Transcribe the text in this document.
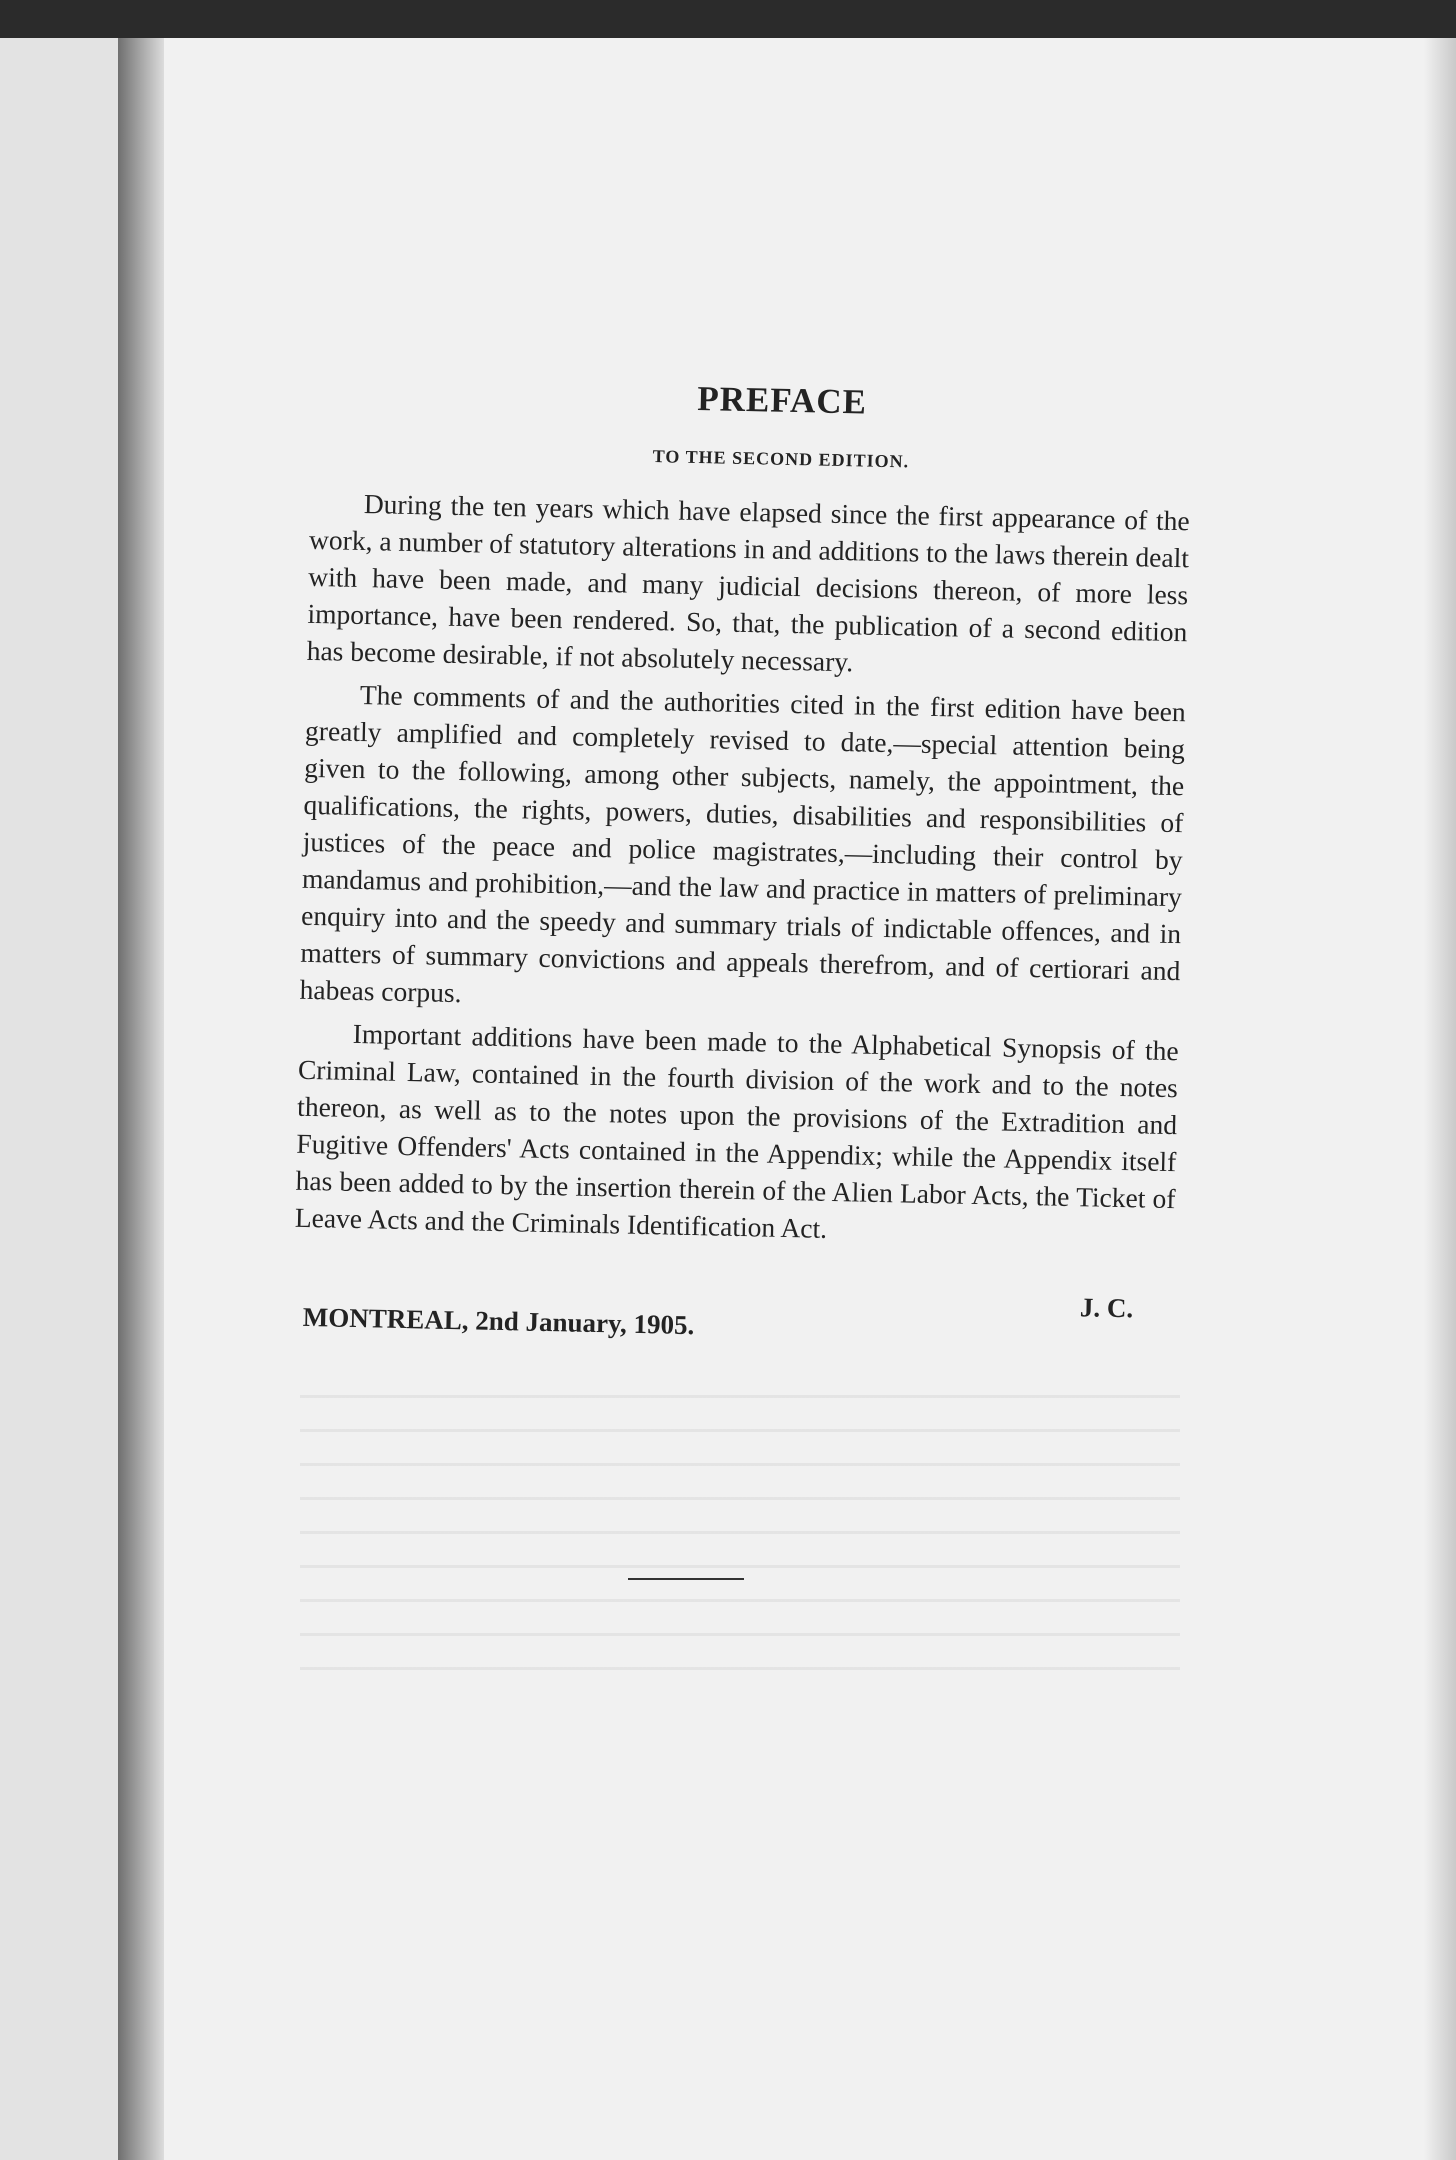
PREFACE
TO THE SECOND EDITION.

During the ten years which have elapsed since the first appearance of the work, a number of statutory alterations in and additions to the laws therein dealt with have been made, and many judicial decisions thereon, of more less importance, have been rendered. So, that, the publication of a second edition has become desirable, if not absolutely necessary.

The comments of and the authorities cited in the first edition have been greatly amplified and completely revised to date,—special attention being given to the following, among other subjects, namely, the appointment, the qualifications, the rights, powers, duties, disabilities and responsibilities of justices of the peace and police magistrates,—including their control by mandamus and prohibition,—and the law and practice in matters of preliminary enquiry into and the speedy and summary trials of indictable offences, and in matters of summary convictions and appeals therefrom, and of certiorari and habeas corpus.

Important additions have been made to the Alphabetical Synopsis of the Criminal Law, contained in the fourth division of the work and to the notes thereon, as well as to the notes upon the provisions of the Extradition and Fugitive Offenders' Acts contained in the Appendix; while the Appendix itself has been added to by the insertion therein of the Alien Labor Acts, the Ticket of Leave Acts and the Criminals Identification Act.

MONTREAL, 2nd January, 1905.	J. C.
